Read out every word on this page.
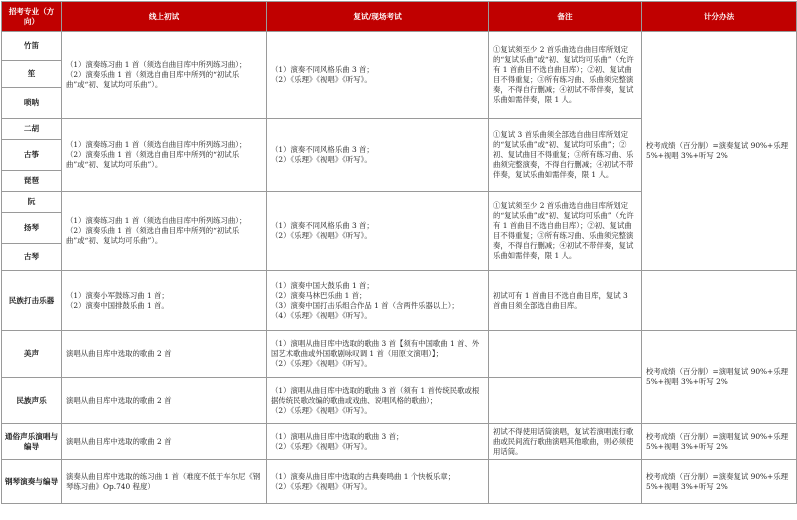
招考专业（方向）	线上初试	复试/现场考试	备注	计分办法
竹笛	（1）演奏练习曲 1 首（须选自曲目库中所列练习曲）；
（2）演奏乐曲 1 首（须选自曲目库中所列的“初试乐曲”或“初、复试均可乐曲”）。	（1）演奏不同风格乐曲 3 首；
（2）《乐理》《视唱》《听写》。	①复试须至少 2 首乐曲选自曲目库所划定的“复试乐曲”或“初、复试均可乐曲”（允许有 1 首曲目不选自曲目库）；②初、复试曲目不得重复；③所有练习曲、乐曲须完整演奏，不得自行删减；④初试不带伴奏，复试乐曲如需伴奏，限 1 人。	校考成绩（百分制）=演奏复试 90%+乐理 5%+视唱 3%+听写 2%
笙				
唢呐				
二胡	（1）演奏练习曲 1 首（须选自曲目库中所列练习曲）；
（2）演奏乐曲 1 首（须选自曲目库中所列的“初试乐曲”或“初、复试均可乐曲”）。	（1）演奏不同风格乐曲 3 首；
（2）《乐理》《视唱》《听写》。	①复试 3 首乐曲须全部选自曲目库所划定的“复试乐曲”或“初、复试均可乐曲”；②初、复试曲目不得重复；③所有练习曲、乐曲须完整演奏，不得自行删减；④初试不带伴奏，复试乐曲如需伴奏，限 1 人。	
古筝				
琵琶				
阮	（1）演奏练习曲 1 首（须选自曲目库中所列练习曲）；
（2）演奏乐曲 1 首（须选自曲目库中所列的“初试乐曲”或“初、复试均可乐曲”）。	（1）演奏不同风格乐曲 3 首；
（2）《乐理》《视唱》《听写》。	①复试须至少 2 首乐曲选自曲目库所划定的“复试乐曲”或“初、复试均可乐曲”（允许有 1 首曲目不选自曲目库）；②初、复试曲目不得重复；③所有练习曲、乐曲须完整演奏，不得自行删减；④初试不带伴奏，复试乐曲如需伴奏，限 1 人。	
扬琴				
古琴				
民族打击乐器	（1）演奏小军鼓练习曲 1 首；
（2）演奏中国排鼓乐曲 1 首。	（1）演奏中国大鼓乐曲 1 首；
（2）演奏马林巴乐曲 1 首；
（3）演奏中国打击乐组合作品 1 首（含两件乐器以上）；
（4）《乐理》《视唱》《听写》。	初试可有 1 首曲目不选自曲目库，复试 3 首曲目须全部选自曲目库。	
美声	演唱从曲目库中选取的歌曲 2 首	（1）演唱从曲目库中选取的歌曲 3 首【须有中国歌曲 1 首、外国艺术歌曲或外国歌剧咏叹调 1 首（用原文演唱）】；
（2）《乐理》《视唱》《听写》。		校考成绩（百分制）=演唱复试 90%+乐理 5%+视唱 3%+听写 2%
民族声乐	演唱从曲目库中选取的歌曲 2 首	（1）演唱从曲目库中选取的歌曲 3 首（须有 1 首传统民歌或根据传统民歌改编的歌曲或戏曲、说唱风格的歌曲）；
（2）《乐理》《视唱》《听写》。		

通俗声乐演唱与编导	演唱从曲目库中选取的歌曲 2 首	（1）演唱从曲目库中选取的歌曲 3 首；
（2）《乐理》《视唱》《听写》。	初试不得使用话筒演唱，复试若演唱流行歌曲或民间流行歌曲演唱其他歌曲，则必须使用话筒。	校考成绩（百分制）=演唱复试 90%+乐理 5%+视唱 3%+听写 2%
钢琴演奏与编导	演奏从曲目库中选取的练习曲 1 首（难度不低于车尔尼《钢琴练习曲》Op.740 程度）	（1）演奏从曲目库中选取的古典奏鸣曲 1 个快板乐章；
（2）《乐理》《视唱》《听写》。		校考成绩（百分制）=演奏复试 90%+乐理 5%+视唱 3%+听写 2%
